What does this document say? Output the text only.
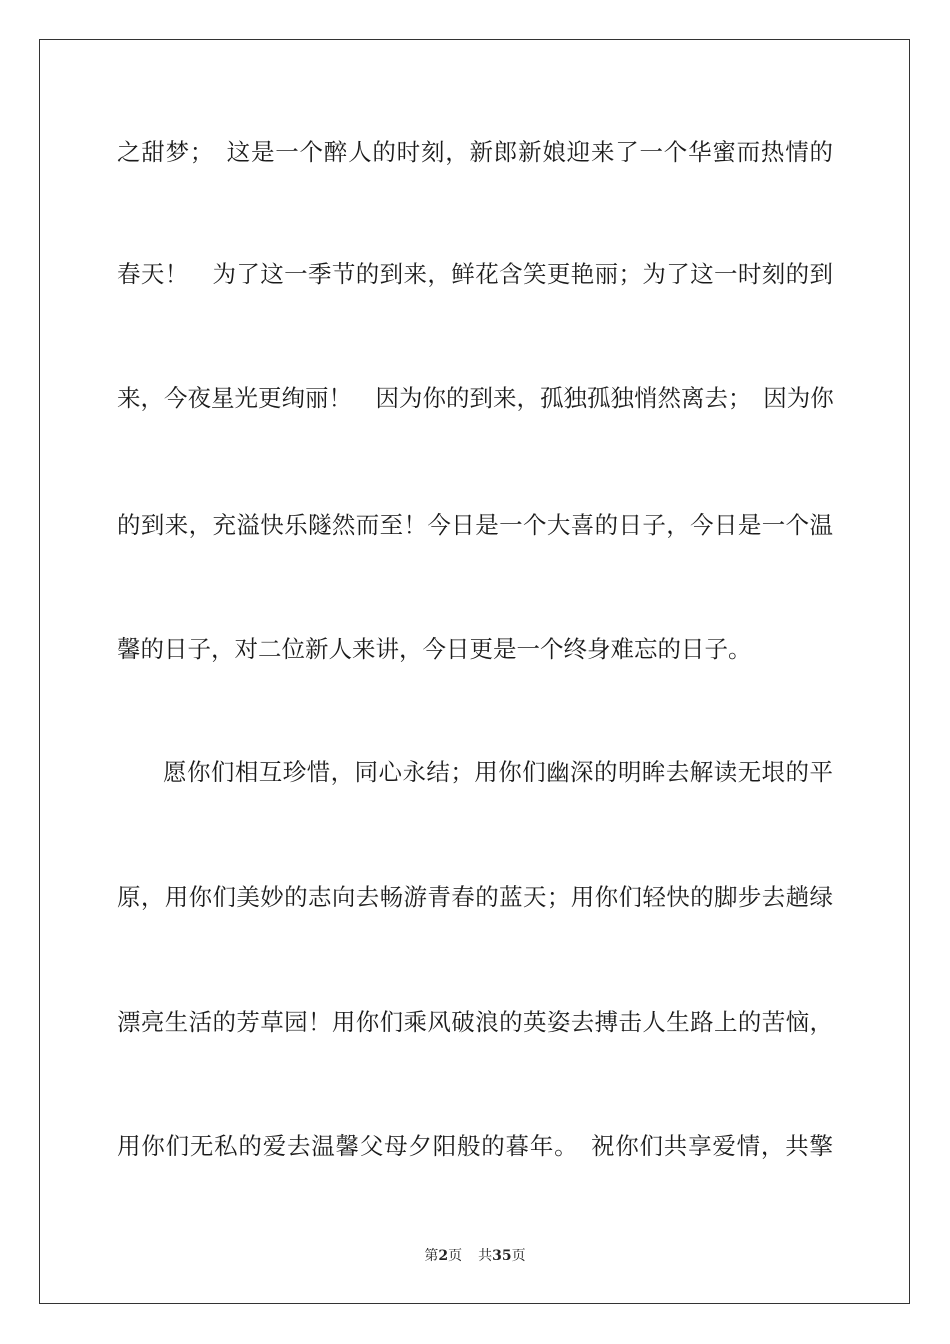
之甜梦；　这是一个醉人的时刻，新郎新娘迎来了一个华蜜而热情的
春天！　为了这一季节的到来，鲜花含笑更艳丽；为了这一时刻的到
来，今夜星光更绚丽！　因为你的到来，孤独孤独悄然离去；　因为你
的到来，充溢快乐隧然而至！今日是一个大喜的日子，今日是一个温
馨的日子，对二位新人来讲，今日更是一个终身难忘的日子。
愿你们相互珍惜，同心永结；用你们幽深的明眸去解读无垠的平
原，用你们美妙的志向去畅游青春的蓝天；用你们轻快的脚步去趟绿
漂亮生活的芳草园！用你们乘风破浪的英姿去搏击人生路上的苦恼，
用你们无私的爱去温馨父母夕阳般的暮年。　祝你们共享爱情，共擎
第2页 共35页
